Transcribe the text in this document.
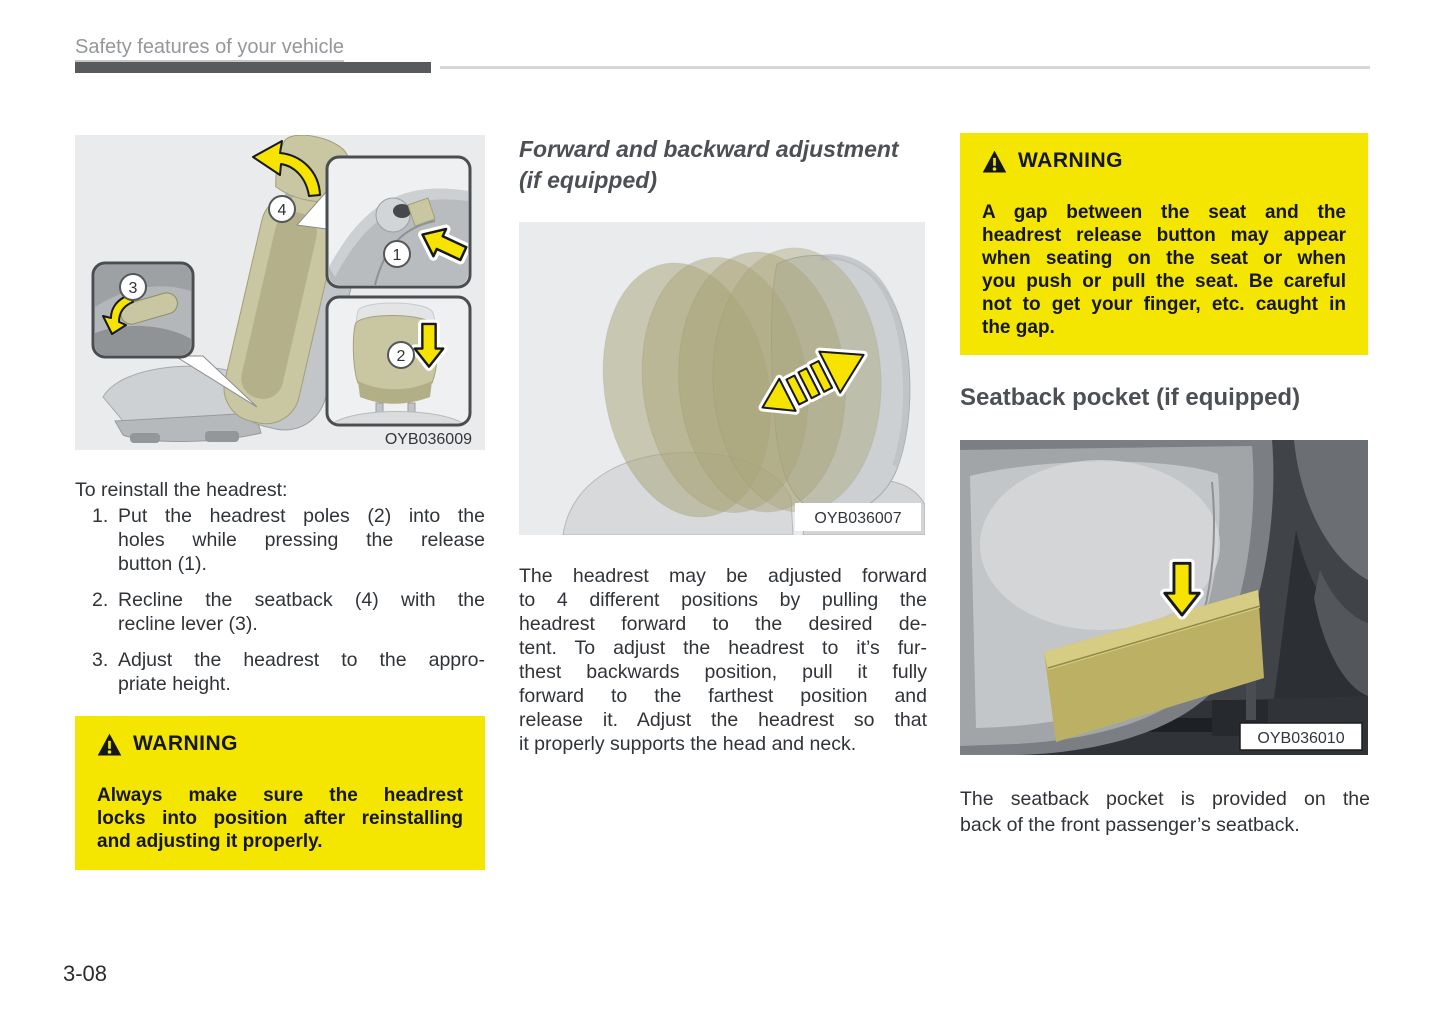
Safety features of your vehicle
4
1
2
3
OYB036009
To reinstall the headrest:
1. Put the headrest poles (2) into the
holes while pressing the release
button (1).
2. Recline the seatback (4) with the
recline lever (3).
3. Adjust the headrest to the appro-
priate height.
WARNING
Always make sure the headrest
locks into position after reinstalling
and adjusting it properly.
Forward and backward adjustment
(if equipped)
OYB036007
The headrest may be adjusted forward
to 4 different positions by pulling the
headrest forward to the desired de-
tent. To adjust the headrest to it’s fur-
thest backwards position, pull it fully
forward to the farthest position and
release it. Adjust the headrest so that
it properly supports the head and neck.
WARNING
A gap between the seat and the
headrest release button may appear
when seating on the seat or when
you push or pull the seat. Be careful
not to get your finger, etc. caught in
the gap.
Seatback pocket (if equipped)
OYB036010
The seatback pocket is provided on the
back of the front passenger’s seatback.
3-08
